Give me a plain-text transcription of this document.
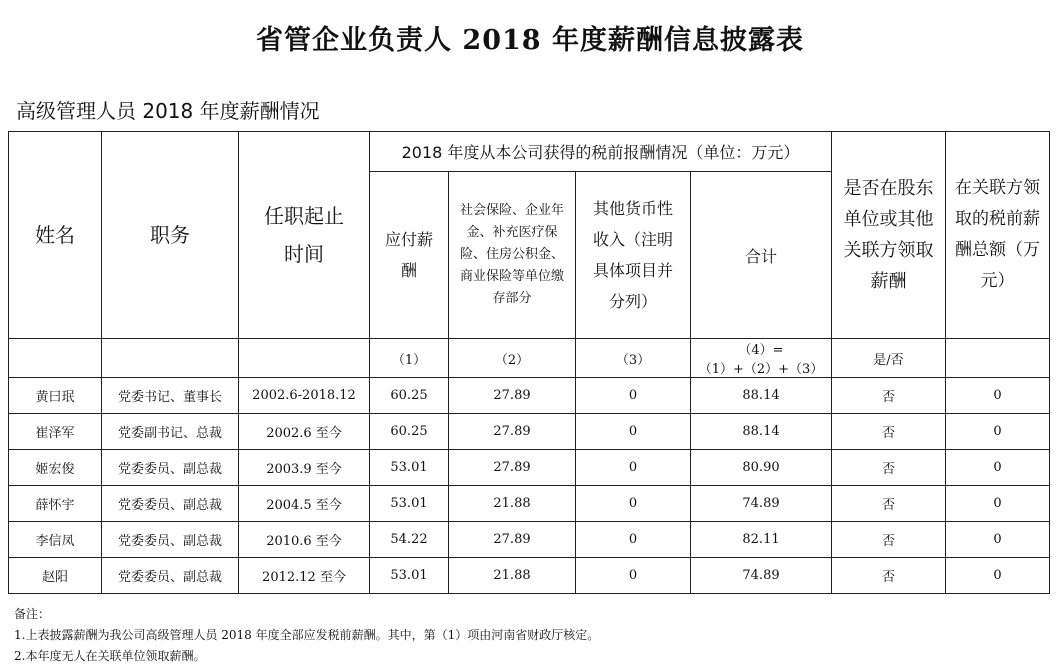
省管企业负责人 2018 年度薪酬信息披露表
高级管理人员 2018 年度薪酬情况
姓名	职务	任职起止时间	2018 年度从本公司获得的税前报酬情况（单位：万元）				是否在股东单位或其他关联方领取薪酬	在关联方领取的税前薪酬总额（万元）
			应付薪酬	社会保险、企业年金、补充医疗保险、住房公积金、商业保险等单位缴存部分	其他货币性收入（注明具体项目并分列）	合计		
			（1）	（2）	（3）	（4）=（1）+（2）+（3）	是/否	
黄曰珉	党委书记、董事长	2002.6-2018.12	60.25	27.89	0	88.14	否	0
崔泽军	党委副书记、总裁	2002.6 至今	60.25	27.89	0	88.14	否	0
姬宏俊	党委委员、副总裁	2003.9 至今	53.01	27.89	0	80.90	否	0
薛怀宇	党委委员、副总裁	2004.5 至今	53.01	21.88	0	74.89	否	0
李信凤	党委委员、副总裁	2010.6 至今	54.22	27.89	0	82.11	否	0
赵阳	党委委员、副总裁	2012.12 至今	53.01	21.88	0	74.89	否	0
备注：
1.上表披露薪酬为我公司高级管理人员 2018 年度全部应发税前薪酬。其中，第（1）项由河南省财政厅核定。
2.本年度无人在关联单位领取薪酬。
